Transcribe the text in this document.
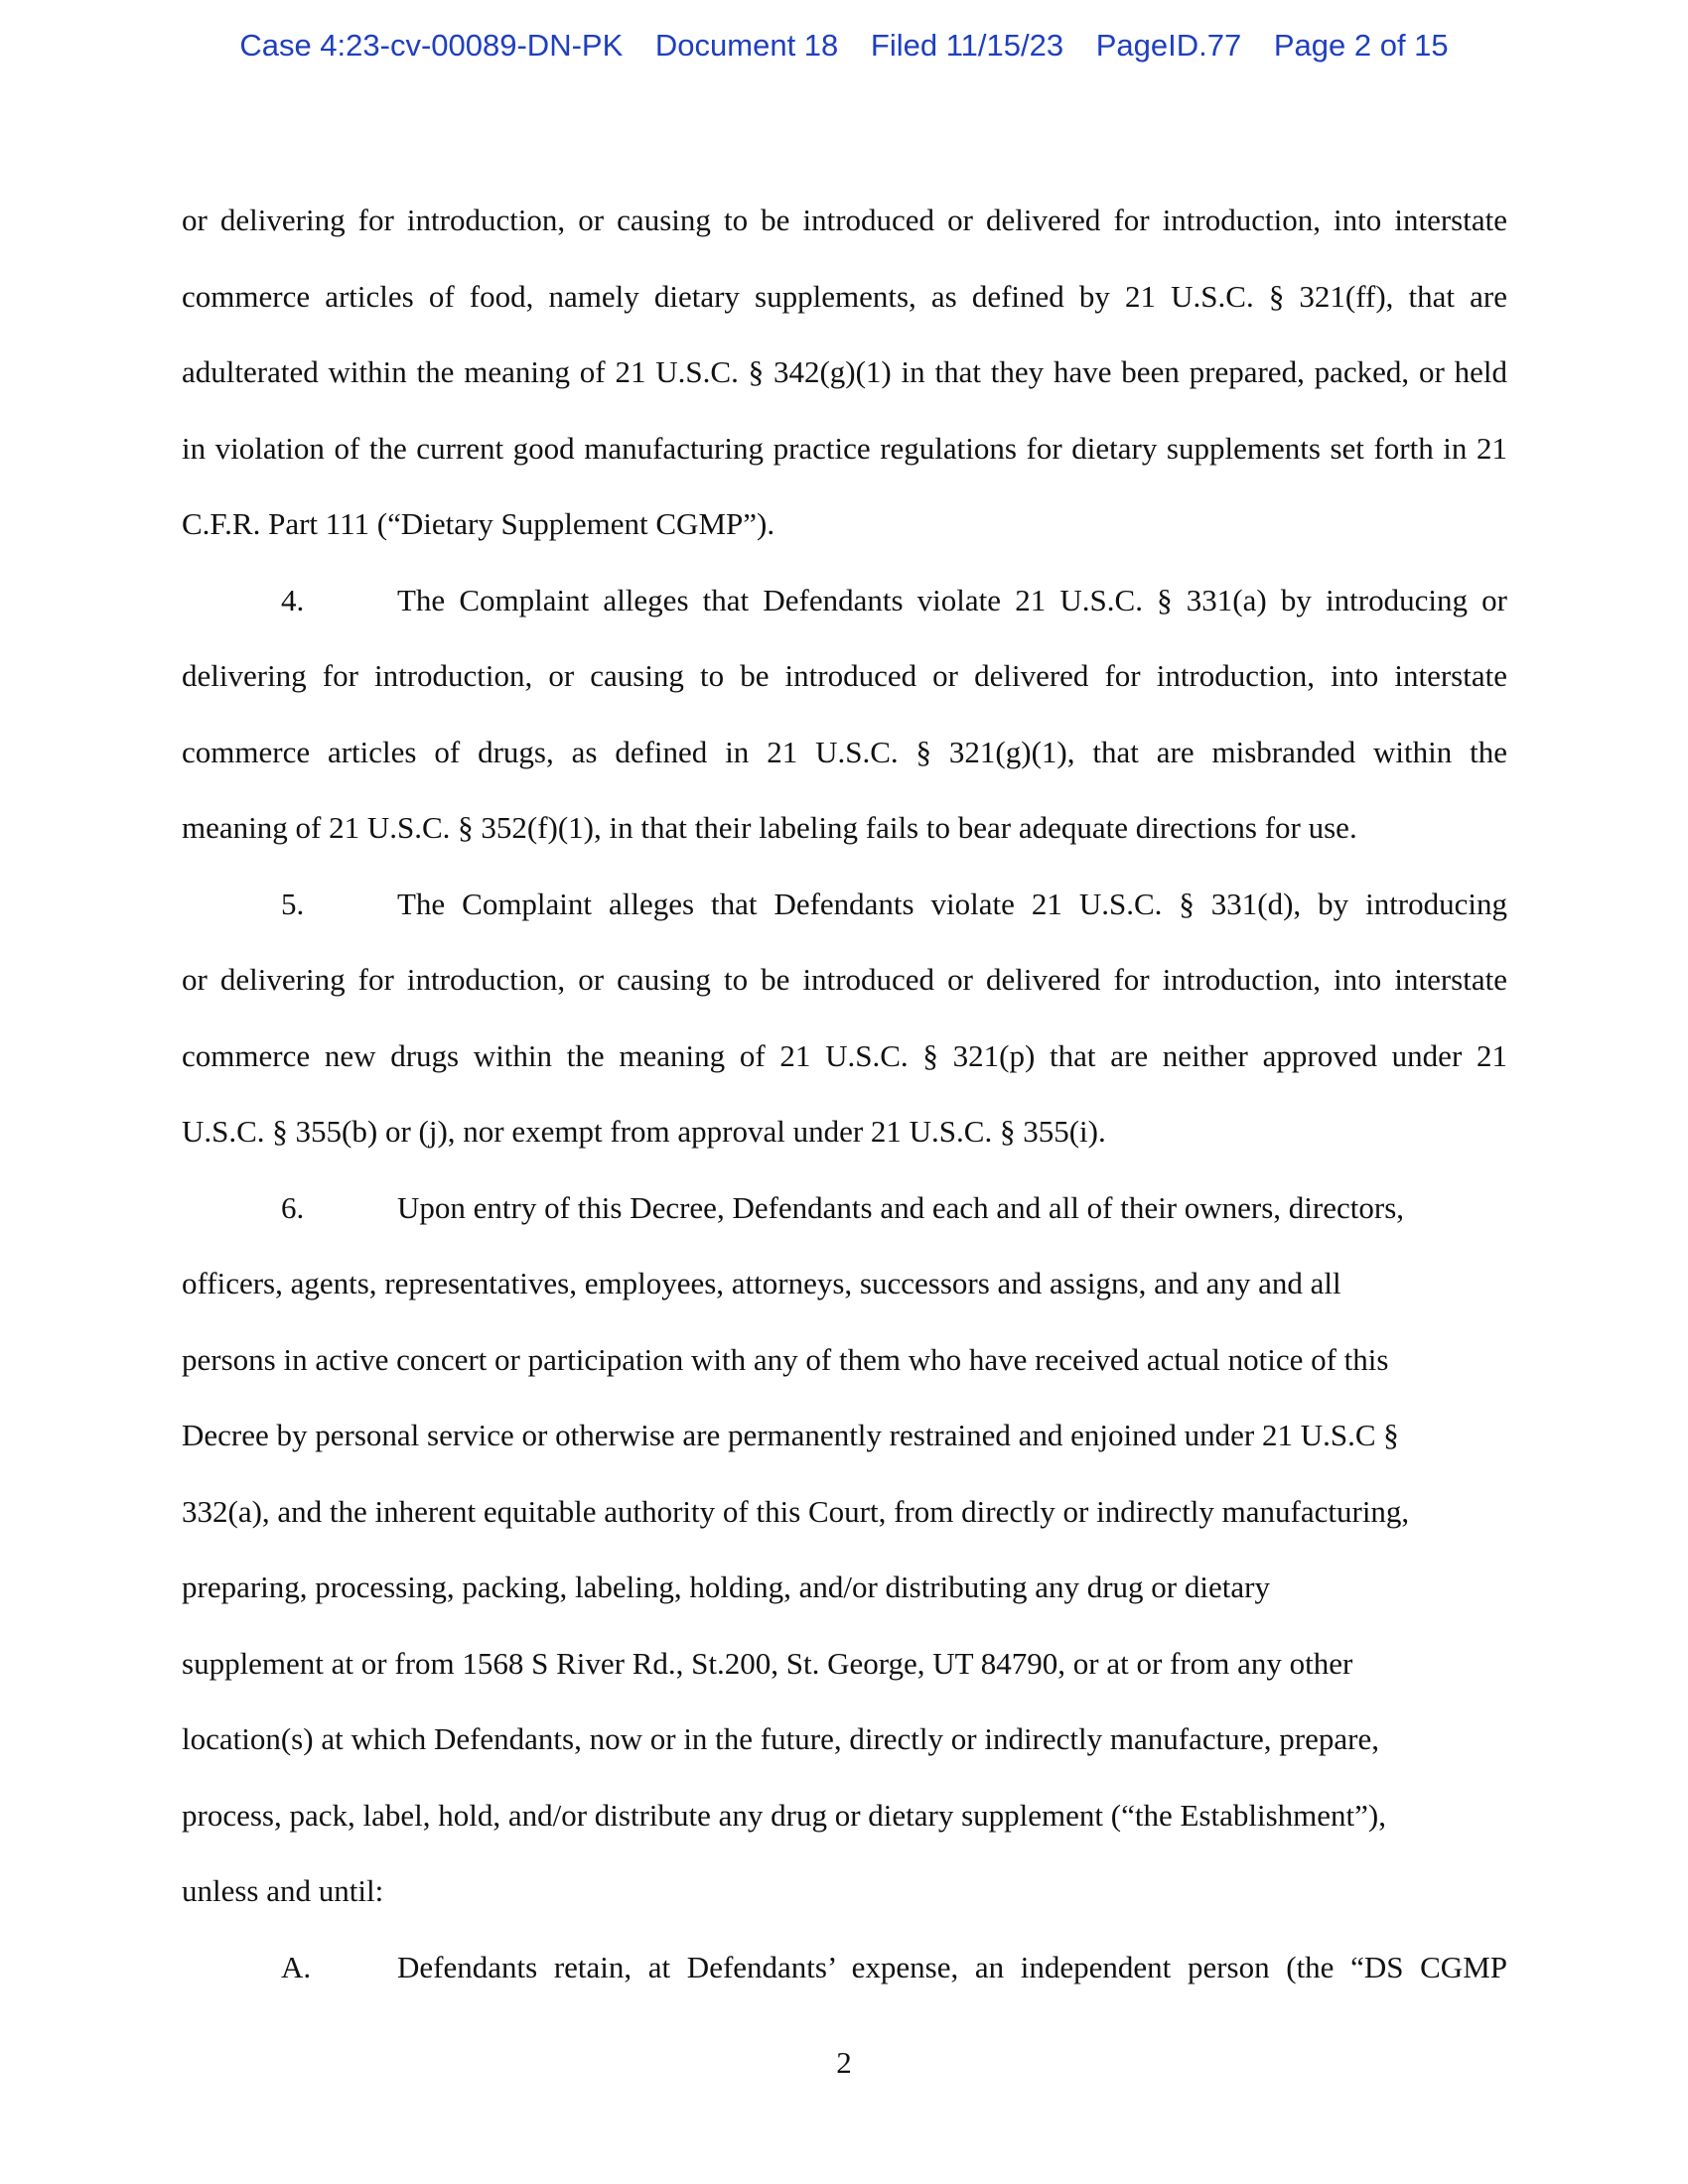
Case 4:23-cv-00089-DN-PK Document 18 Filed 11/15/23 PageID.77 Page 2 of 15
or delivering for introduction, or causing to be introduced or delivered for introduction, into interstate
commerce articles of food, namely dietary supplements, as defined by 21 U.S.C. § 321(ff), that are
adulterated within the meaning of 21 U.S.C. § 342(g)(1) in that they have been prepared, packed, or held
in violation of the current good manufacturing practice regulations for dietary supplements set forth in 21
C.F.R. Part 111 (“Dietary Supplement CGMP”).
4.	The Complaint alleges that Defendants violate 21 U.S.C. § 331(a) by introducing or
delivering for introduction, or causing to be introduced or delivered for introduction, into interstate
commerce articles of drugs, as defined in 21 U.S.C. § 321(g)(1), that are misbranded within the
meaning of 21 U.S.C. § 352(f)(1), in that their labeling fails to bear adequate directions for use.
5.	The Complaint alleges that Defendants violate 21 U.S.C. § 331(d), by introducing
or delivering for introduction, or causing to be introduced or delivered for introduction, into interstate
commerce new drugs within the meaning of 21 U.S.C. § 321(p) that are neither approved under 21
U.S.C. § 355(b) or (j), nor exempt from approval under 21 U.S.C. § 355(i).
6.	Upon entry of this Decree, Defendants and each and all of their owners, directors,
officers, agents, representatives, employees, attorneys, successors and assigns, and any and all
persons in active concert or participation with any of them who have received actual notice of this
Decree by personal service or otherwise are permanently restrained and enjoined under 21 U.S.C §
332(a), and the inherent equitable authority of this Court, from directly or indirectly manufacturing,
preparing, processing, packing, labeling, holding, and/or distributing any drug or dietary
supplement at or from 1568 S River Rd., St.200, St. George, UT 84790, or at or from any other
location(s) at which Defendants, now or in the future, directly or indirectly manufacture, prepare,
process, pack, label, hold, and/or distribute any drug or dietary supplement (“the Establishment”),
unless and until:
A.	Defendants retain, at Defendants’ expense, an independent person (the “DS CGMP
2
